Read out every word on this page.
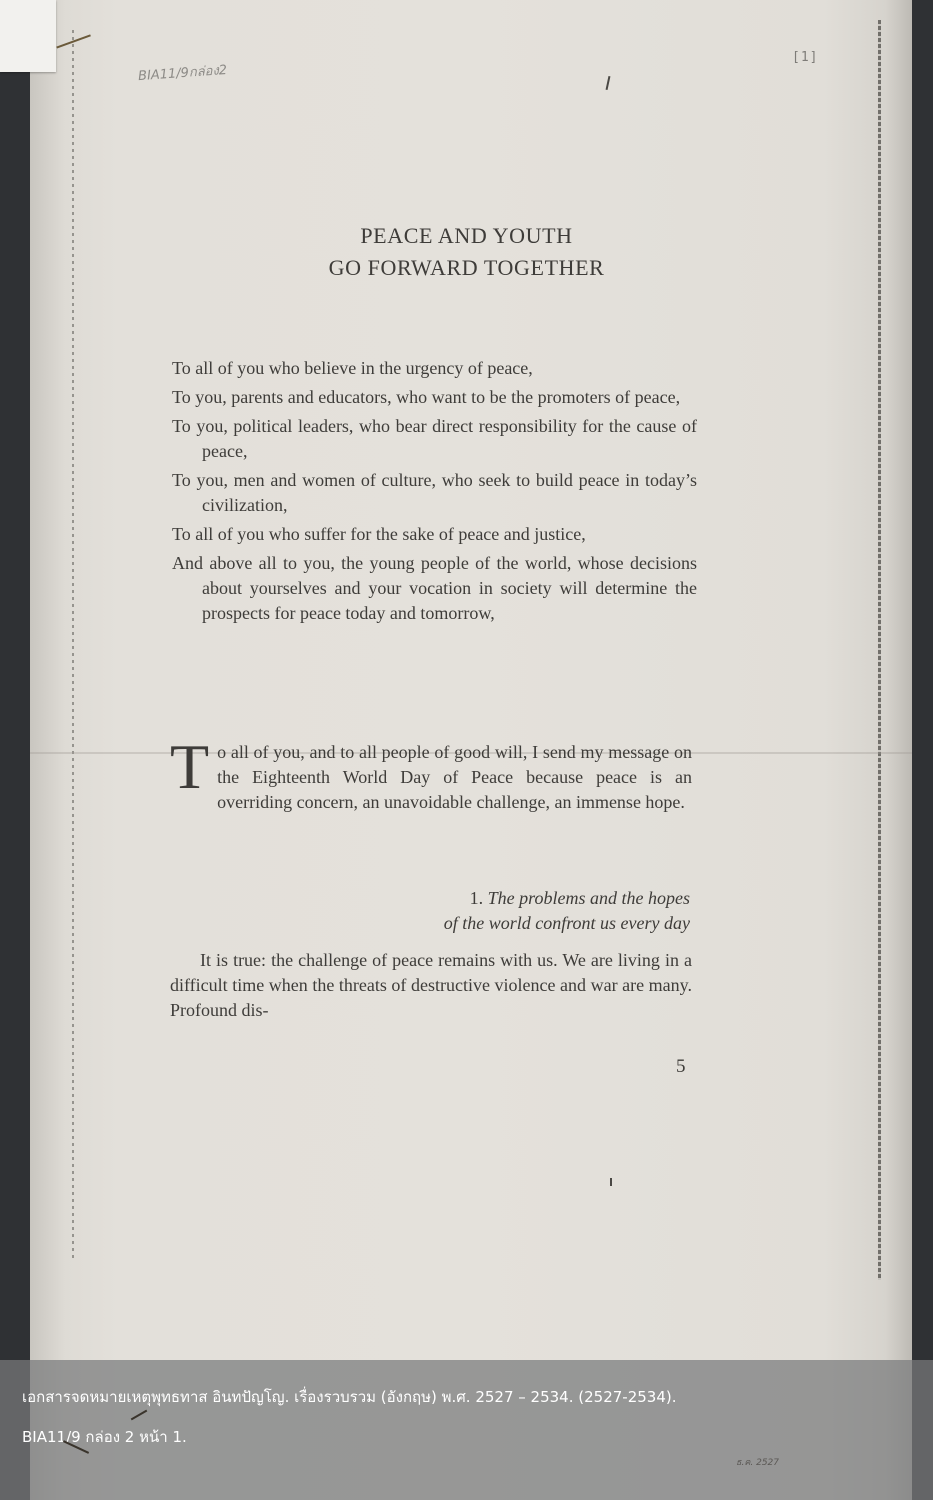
BIA11/9กล่อง2
[1]
PEACE AND YOUTH
GO FORWARD TOGETHER
To all of you who believe in the urgency of peace,
To you, parents and educators, who want to be the promoters of peace,
To you, political leaders, who bear direct responsibility for the cause of peace,
To you, men and women of culture, who seek to build peace in today’s civilization,
To all of you who suffer for the sake of peace and justice,
And above all to you, the young people of the world, whose decisions about yourselves and your vocation in society will determine the prospects for peace today and tomorrow,
T o all of you, and to all people of good will, I send my message on the Eighteenth World Day of Peace because peace is an overriding concern, an unavoidable challenge, an immense hope.
1. The problems and the hopes
of the world confront us every day
It is true: the challenge of peace remains with us. We are living in a difficult time when the threats of destructive violence and war are many. Profound dis-
5
เอกสารจดหมายเหตุพุทธทาส อินทปัญโญ. เรื่องรวบรวม (อังกฤษ) พ.ศ. 2527 – 2534. (2527-2534).
BIA11/9 กล่อง 2 หน้า 1.
ธ.ค. 2527
